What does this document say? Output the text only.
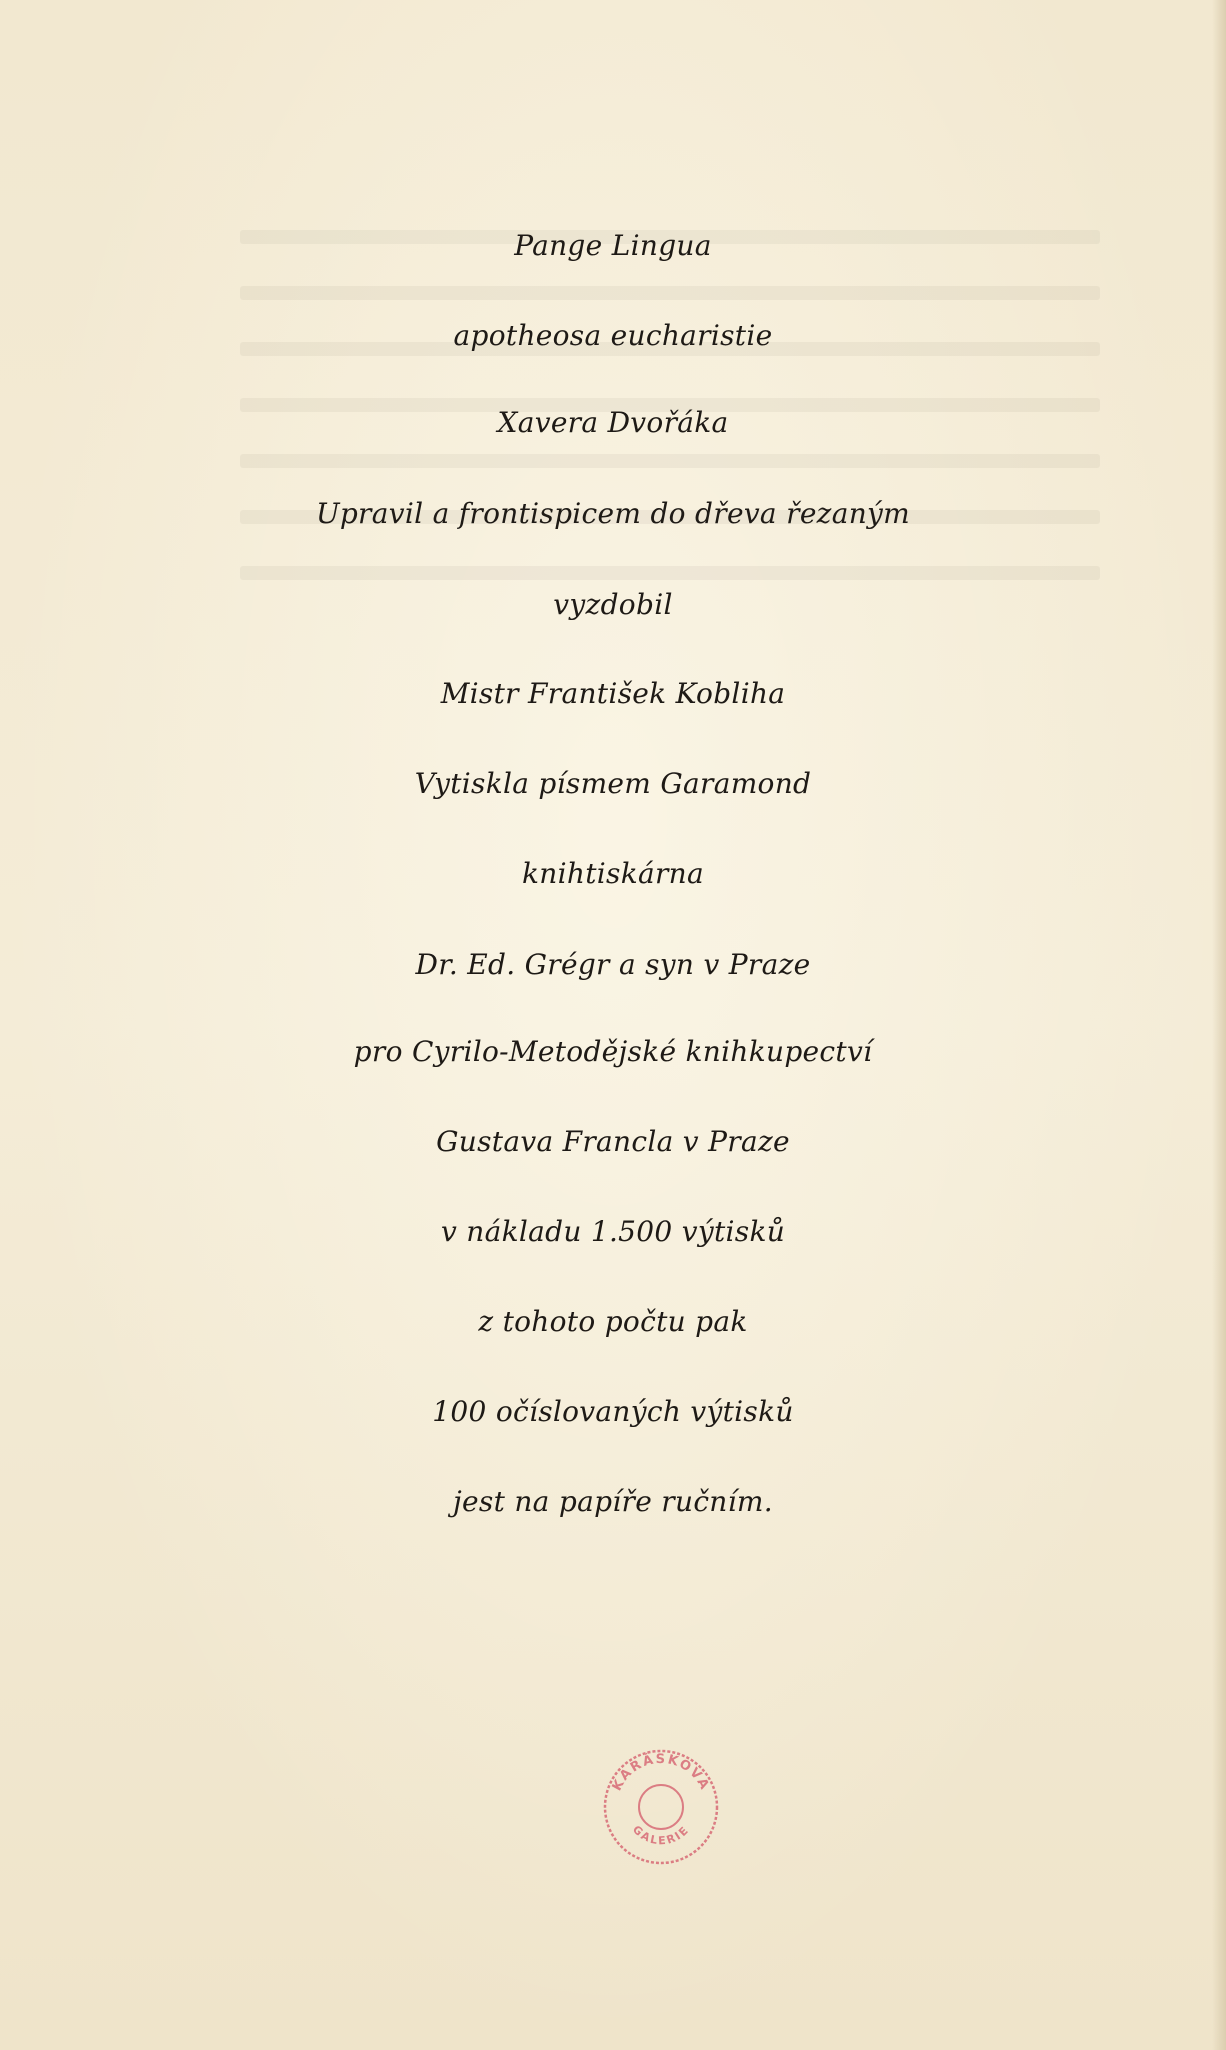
Pange Lingua
apotheosa eucharistie
Xavera Dvořáka
Upravil a frontispicem do dřeva řezaným
vyzdobil
Mistr František Kobliha
Vytiskla písmem Garamond
knihtiskárna
Dr. Ed. Grégr a syn v Praze
pro Cyrilo-Metodějské knihkupectví
Gustava Francla v Praze
v nákladu 1.500 výtisků
z tohoto počtu pak
100 očíslovaných výtisků
jest na papíře ručním.
KARÁSKOVA
GALERIE
